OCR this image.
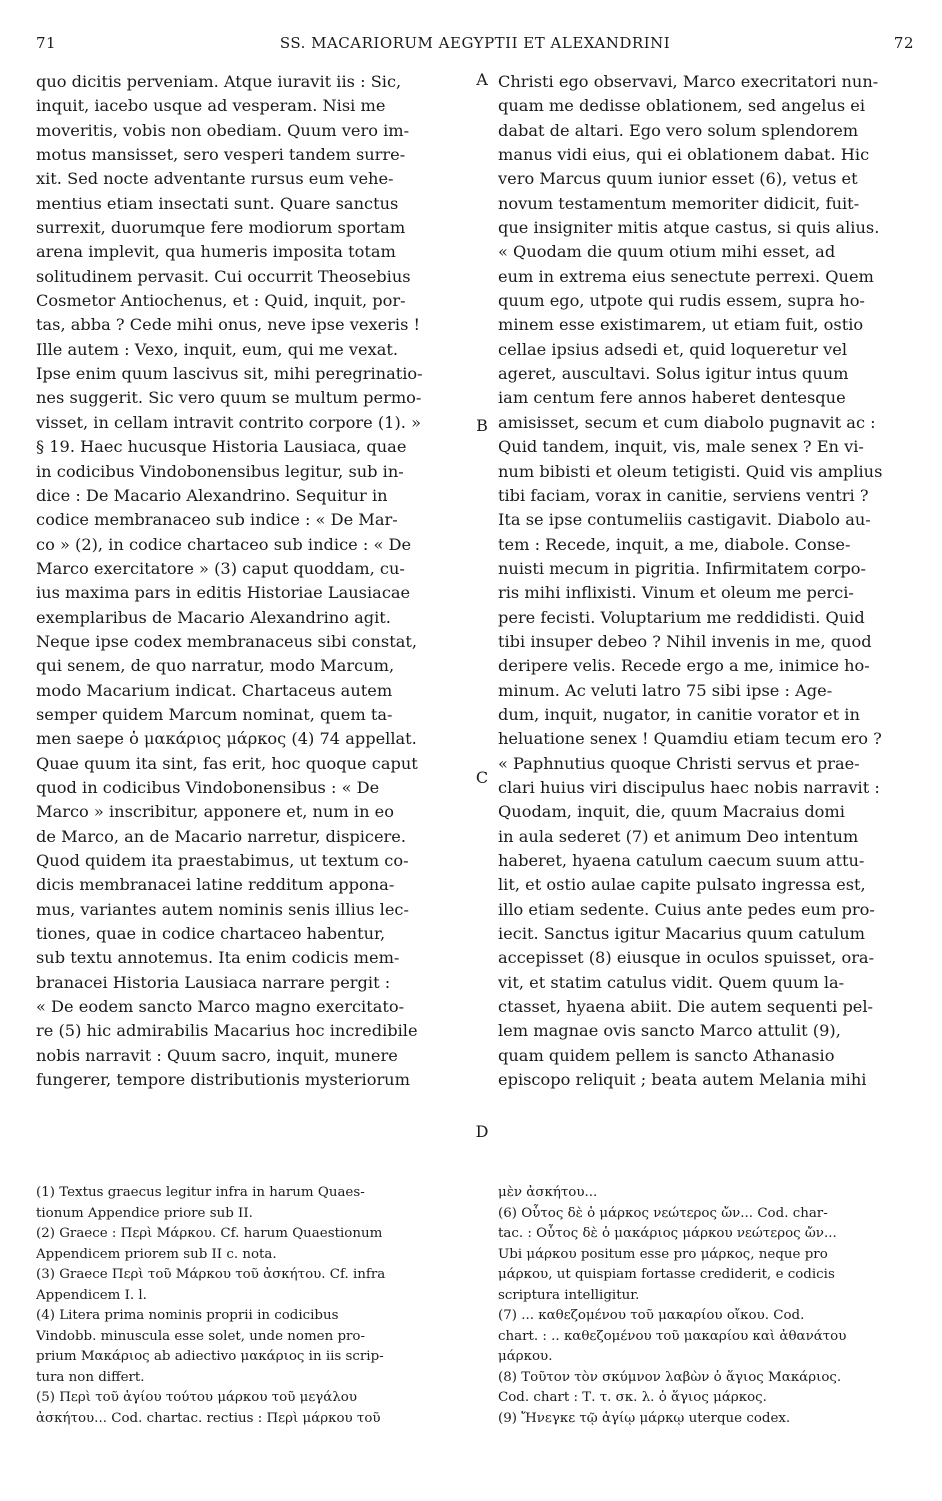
71	SS. MACARIORUM AEGYPTII ET ALEXANDRINI	72
quo dicitis perveniam. Atque iuravit iis : Sic,
inquit, iacebo usque ad vesperam. Nisi me
moveritis, vobis non obediam. Quum vero im-
motus mansisset, sero vesperi tandem surre-
xit. Sed nocte adventante rursus eum vehe-
mentius etiam insectati sunt. Quare sanctus
surrexit, duorumque fere modiorum sportam
arena implevit, qua humeris imposita totam
solitudinem pervasit. Cui occurrit Theosebius
Cosmetor Antiochenus, et : Quid, inquit, por-
tas, abba ? Cede mihi onus, neve ipse vexeris !
Ille autem : Vexo, inquit, eum, qui me vexat.
Ipse enim quum lascivus sit, mihi peregrinatio-
nes suggerit. Sic vero quum se multum permo-
visset, in cellam intravit contrito corpore (1). »
§ 19. Haec hucusque Historia Lausiaca, quae
in codicibus Vindobonensibus legitur, sub in-
dice : De Macario Alexandrino. Sequitur in
codice membranaceo sub indice : « De Mar-
co » (2), in codice chartaceo sub indice : « De
Marco exercitatore » (3) caput quoddam, cu-
ius maxima pars in editis Historiae Lausiacae
exemplaribus de Macario Alexandrino agit.
Neque ipse codex membranaceus sibi constat,
qui senem, de quo narratur, modo Marcum,
modo Macarium indicat. Chartaceus autem
semper quidem Marcum nominat, quem ta-
men saepe ὁ μακάριος μάρκος (4) 74 appellat.
Quae quum ita sint, fas erit, hoc quoque caput
quod in codicibus Vindobonensibus : « De
Marco » inscribitur, apponere et, num in eo
de Marco, an de Macario narretur, dispicere.
Quod quidem ita praestabimus, ut textum co-
dicis membranacei latine redditum appona-
mus, variantes autem nominis senis illius lec-
tiones, quae in codice chartaceo habentur,
sub textu annotemus. Ita enim codicis mem-
branacei Historia Lausiaca narrare pergit :
« De eodem sancto Marco magno exercitato-
re (5) hic admirabilis Macarius hoc incredibile
nobis narravit : Quum sacro, inquit, munere
fungerer, tempore distributionis mysteriorum
Christi ego observavi, Marco execritatori nun-
quam me dedisse oblationem, sed angelus ei
dabat de altari. Ego vero solum splendorem
manus vidi eius, qui ei oblationem dabat. Hic
vero Marcus quum iunior esset (6), vetus et
novum testamentum memoriter didicit, fuit-
que insigniter mitis atque castus, si quis alius.
« Quodam die quum otium mihi esset, ad
eum in extrema eius senectute perrexi. Quem
quum ego, utpote qui rudis essem, supra ho-
minem esse existimarem, ut etiam fuit, ostio
cellae ipsius adsedi et, quid loqueretur vel
ageret, auscultavi. Solus igitur intus quum
iam centum fere annos haberet dentesque
amisisset, secum et cum diabolo pugnavit ac :
Quid tandem, inquit, vis, male senex ? En vi-
num bibisti et oleum tetigisti. Quid vis amplius
tibi faciam, vorax in canitie, serviens ventri ?
Ita se ipse contumeliis castigavit. Diabolo au-
tem : Recede, inquit, a me, diabole. Conse-
nuisti mecum in pigritia. Infirmitatem corpo-
ris mihi inflixisti. Vinum et oleum me perci-
pere fecisti. Voluptarium me reddidisti. Quid
tibi insuper debeo ? Nihil invenis in me, quod
deripere velis. Recede ergo a me, inimice ho-
minum. Ac veluti latro 75 sibi ipse : Age-
dum, inquit, nugator, in canitie vorator et in
heluatione senex ! Quamdiu etiam tecum ero ?
« Paphnutius quoque Christi servus et prae-
clari huius viri discipulus haec nobis narravit :
Quodam, inquit, die, quum Macraius domi
in aula sederet (7) et animum Deo intentum
haberet, hyaena catulum caecum suum attu-
lit, et ostio aulae capite pulsato ingressa est,
illo etiam sedente. Cuius ante pedes eum pro-
iecit. Sanctus igitur Macarius quum catulum
accepisset (8) eiusque in oculos spuisset, ora-
vit, et statim catulus vidit. Quem quum la-
ctasset, hyaena abiit. Die autem sequenti pel-
lem magnae ovis sancto Marco attulit (9),
quam quidem pellem is sancto Athanasio
episcopo reliquit ; beata autem Melania mihi
A
B
C
D
(1) Textus graecus legitur infra in harum Quaes-
tionum Appendice priore sub II.
(2) Graece : Περὶ Μάρκου. Cf. harum Quaestionum
Appendicem priorem sub II c. nota.
(3) Graece Περὶ τοῦ Μάρκου τοῦ ἀσκήτου. Cf. infra
Appendicem I. l.
(4) Litera prima nominis proprii in codicibus
Vindobb. minuscula esse solet, unde nomen pro-
prium Μακάριος ab adiectivo μακάριος in iis scrip-
tura non differt.
(5) Περὶ τοῦ ἁγίου τούτου μάρκου τοῦ μεγάλου
ἀσκήτου... Cod. chartac. rectius : Περὶ μάρκου τοῦ
μὲν ἀσκήτου...
(6) Οὗτος δὲ ὁ μάρκος νεώτερος ὤν... Cod. char-
tac. : Οὗτος δὲ ὁ μακάριος μάρκου νεώτερος ὤν...
Ubi μάρκου positum esse pro μάρκος, neque pro
μάρκου, ut quispiam fortasse crediderit, e codicis
scriptura intelligitur.
(7) ... καθεζομένου τοῦ μακαρίου οἴκου. Cod.
chart. : .. καθεζομένου τοῦ μακαρίου καὶ ἀθανάτου
μάρκου.
(8) Τοῦτον τὸν σκύμνον λαβὼν ὁ ἅγιος Μακάριος.
Cod. chart : Τ. τ. σκ. λ. ὁ ἅγιος μάρκος.
(9) Ἤνεγκε τῷ ἁγίῳ μάρκῳ uterque codex.
